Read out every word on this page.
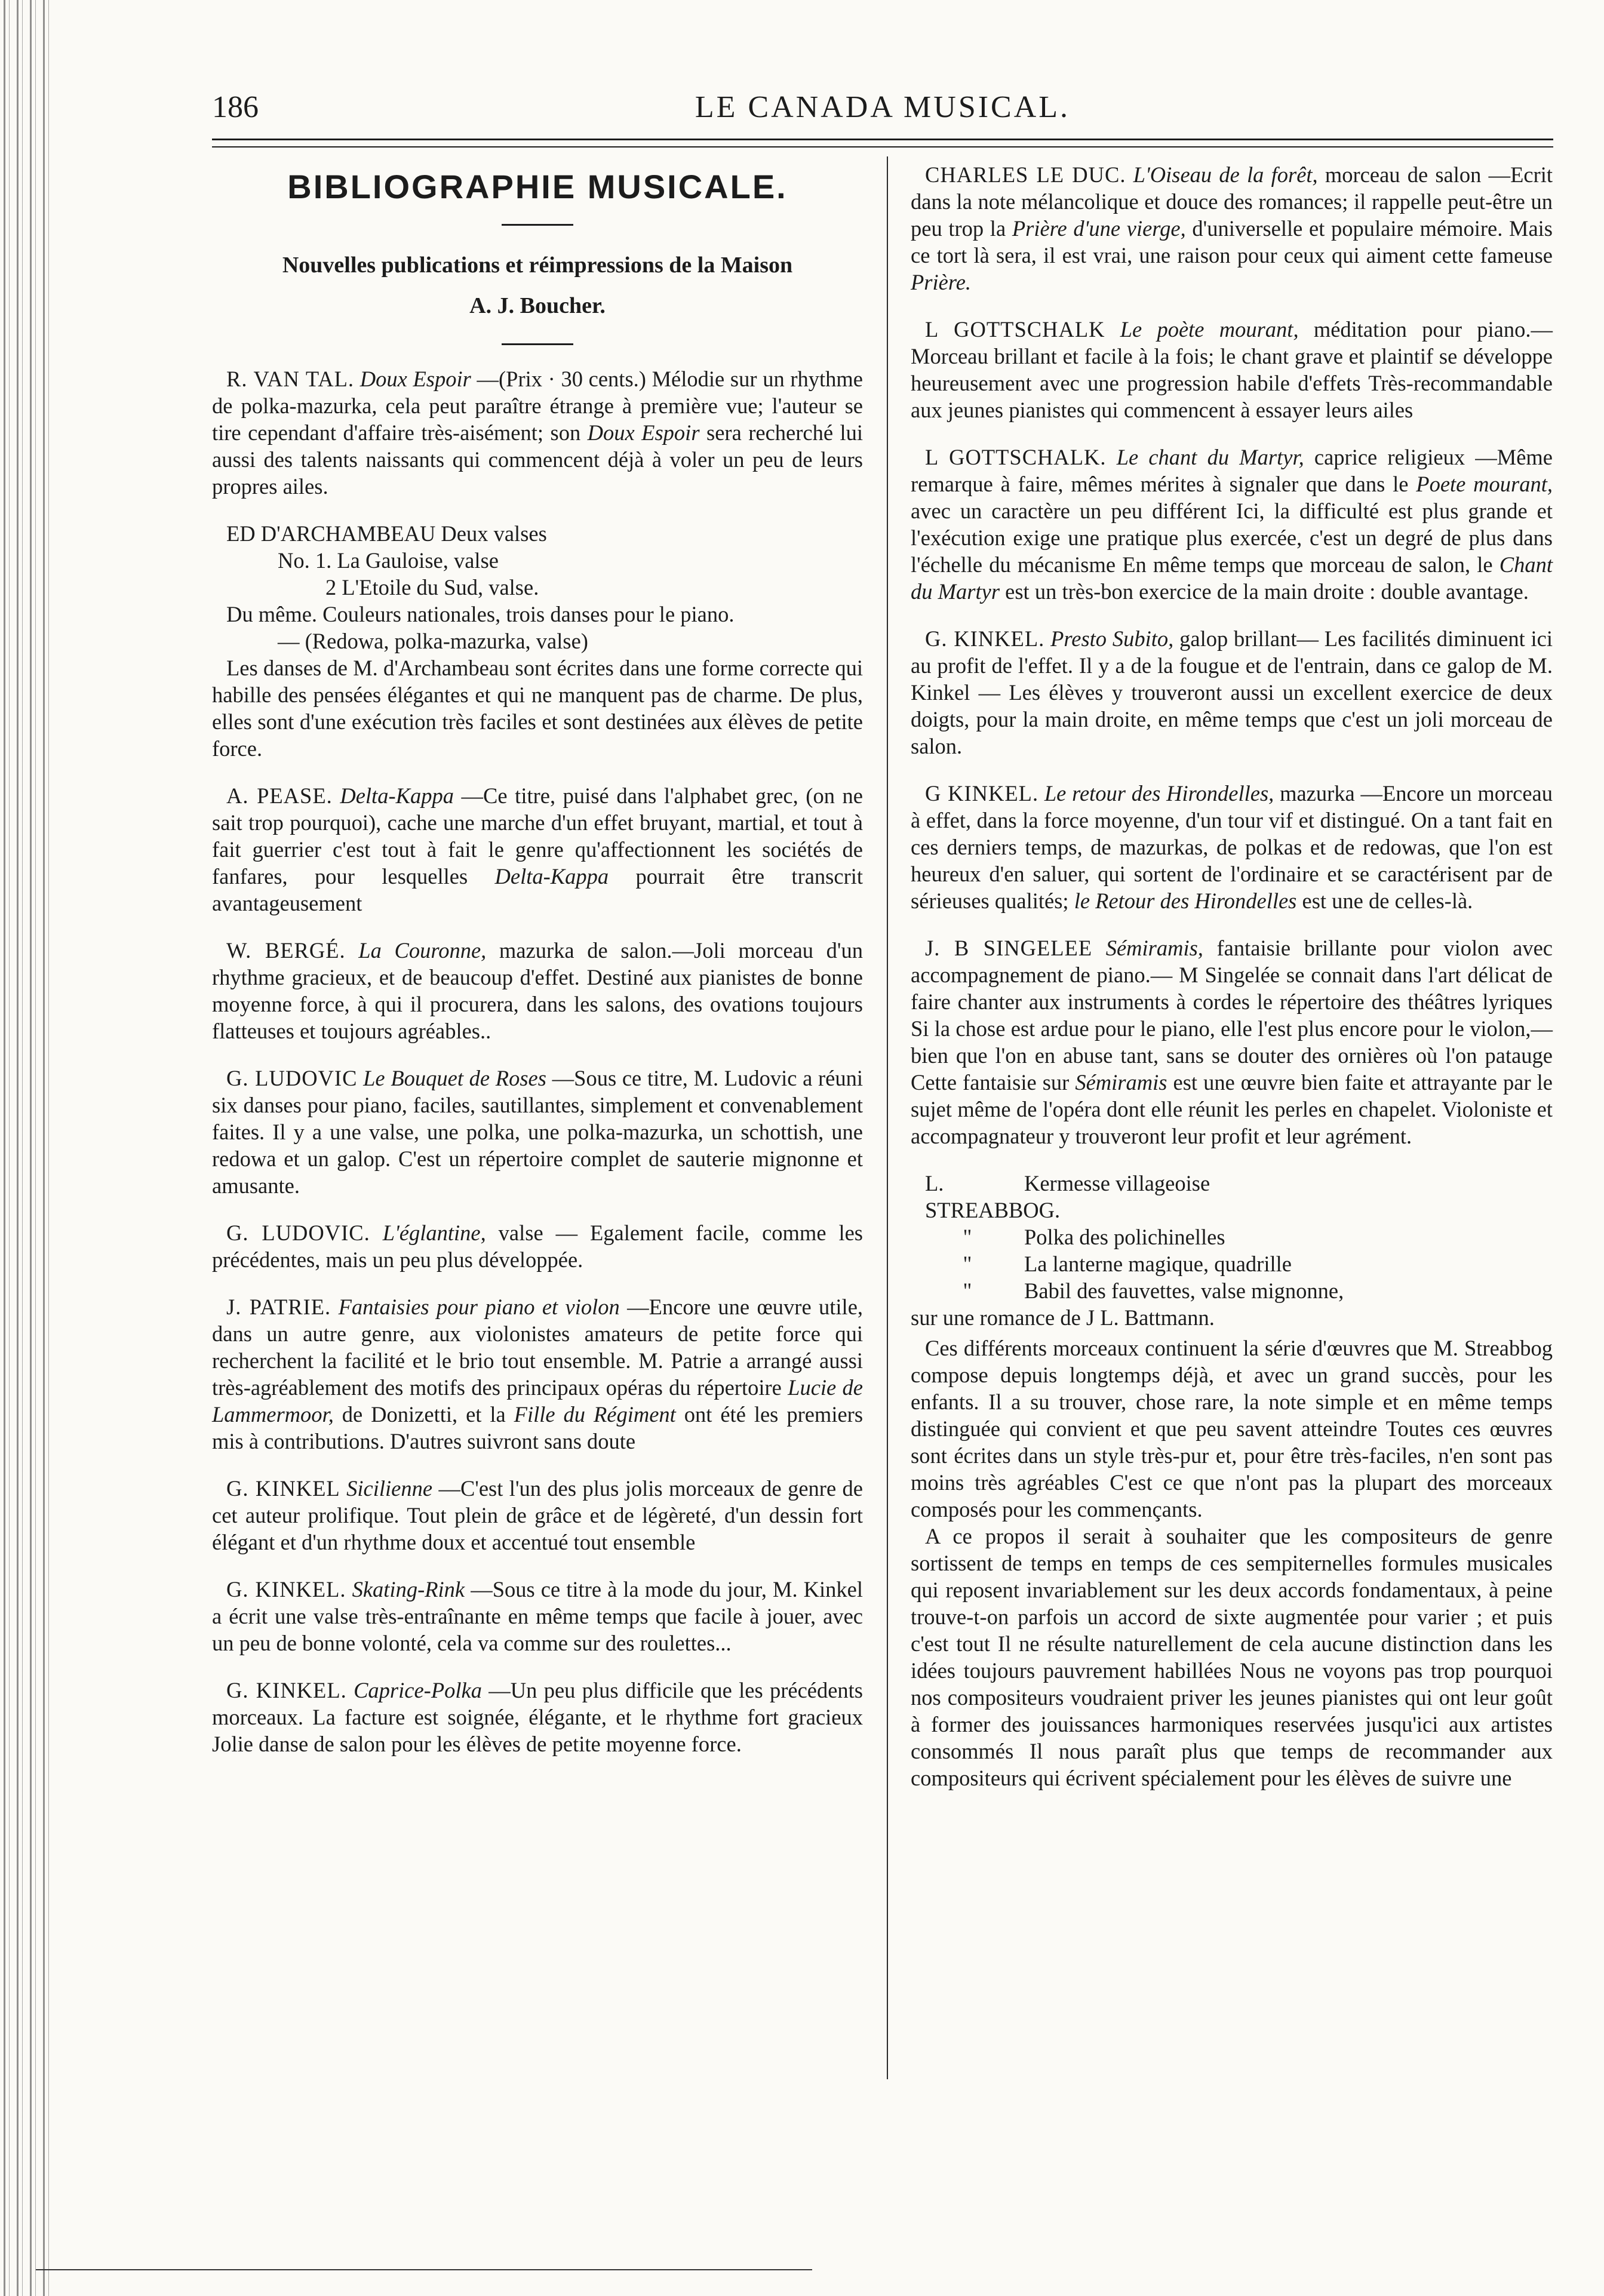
186	LE CANADA MUSICAL.
BIBLIOGRAPHIE MUSICALE.
Nouvelles publications et réimpressions de la Maison
A. J. Boucher.

R. VAN TAL. Doux Espoir —(Prix · 30 cents.) Mélodie sur un rhythme de polka-mazurka, cela peut paraître étrange à première vue; l'auteur se tire cependant d'affaire très-aisément; son Doux Espoir sera recherché lui aussi des talents naissants qui commencent déjà à voler un peu de leurs propres ailes.

ED D'ARCHAMBEAU Deux valses
No. 1. La Gauloise, valse
2 L'Etoile du Sud, valse.
Du même. Couleurs nationales, trois danses pour le piano.
— (Redowa, polka-mazurka, valse)
Les danses de M. d'Archambeau sont écrites dans une forme correcte qui habille des pensées élégantes et qui ne manquent pas de charme. De plus, elles sont d'une exécution très faciles et sont destinées aux élèves de petite force.

A. PEASE. Delta-Kappa —Ce titre, puisé dans l'alphabet grec, (on ne sait trop pourquoi), cache une marche d'un effet bruyant, martial, et tout à fait guerrier c'est tout à fait le genre qu'affectionnent les sociétés de fanfares, pour lesquelles Delta-Kappa pourrait être transcrit avantageusement

W. BERGÉ. La Couronne, mazurka de salon.—Joli morceau d'un rhythme gracieux, et de beaucoup d'effet. Destiné aux pianistes de bonne moyenne force, à qui il procurera, dans les salons, des ovations toujours flatteuses et toujours agréables..

G. LUDOVIC Le Bouquet de Roses —Sous ce titre, M. Ludovic a réuni six danses pour piano, faciles, sautillantes, simplement et convenablement faites. Il y a une valse, une polka, une polka-mazurka, un schottish, une redowa et un galop. C'est un répertoire complet de sauterie mignonne et amusante.

G. LUDOVIC. L'églantine, valse — Egalement facile, comme les précédentes, mais un peu plus développée.

J. PATRIE. Fantaisies pour piano et violon —Encore une œuvre utile, dans un autre genre, aux violonistes amateurs de petite force qui recherchent la facilité et le brio tout ensemble. M. Patrie a arrangé aussi très-agréablement des motifs des principaux opéras du répertoire Lucie de Lammermoor, de Donizetti, et la Fille du Régiment ont été les premiers mis à contributions. D'autres suivront sans doute

G. KINKEL Sicilienne —C'est l'un des plus jolis morceaux de genre de cet auteur prolifique. Tout plein de grâce et de légèreté, d'un dessin fort élégant et d'un rhythme doux et accentué tout ensemble

G. KINKEL. Skating-Rink —Sous ce titre à la mode du jour, M. Kinkel a écrit une valse très-entraînante en même temps que facile à jouer, avec un peu de bonne volonté, cela va comme sur des roulettes...

G. KINKEL. Caprice-Polka —Un peu plus difficile que les précédents morceaux. La facture est soignée, élégante, et le rhythme fort gracieux Jolie danse de salon pour les élèves de petite moyenne force.

CHARLES LE DUC. L'Oiseau de la forêt, morceau de salon —Ecrit dans la note mélancolique et douce des romances; il rappelle peut-être un peu trop la Prière d'une vierge, d'universelle et populaire mémoire. Mais ce tort là sera, il est vrai, une raison pour ceux qui aiment cette fameuse Prière.

L GOTTSCHALK Le poète mourant, méditation pour piano.—Morceau brillant et facile à la fois; le chant grave et plaintif se développe heureusement avec une progression habile d'effets Très-recommandable aux jeunes pianistes qui commencent à essayer leurs ailes

L GOTTSCHALK. Le chant du Martyr, caprice religieux —Même remarque à faire, mêmes mérites à signaler que dans le Poete mourant, avec un caractère un peu différent Ici, la difficulté est plus grande et l'exécution exige une pratique plus exercée, c'est un degré de plus dans l'échelle du mécanisme En même temps que morceau de salon, le Chant du Martyr est un très-bon exercice de la main droite : double avantage.

G. KINKEL. Presto Subito, galop brillant— Les facilités diminuent ici au profit de l'effet. Il y a de la fougue et de l'entrain, dans ce galop de M. Kinkel — Les élèves y trouveront aussi un excellent exercice de deux doigts, pour la main droite, en même temps que c'est un joli morceau de salon.

G KINKEL. Le retour des Hirondelles, mazurka —Encore un morceau à effet, dans la force moyenne, d'un tour vif et distingué. On a tant fait en ces derniers temps, de mazurkas, de polkas et de redowas, que l'on est heureux d'en saluer, qui sortent de l'ordinaire et se caractérisent par de sérieuses qualités; le Retour des Hirondelles est une de celles-là.

J. B SINGELEE Sémiramis, fantaisie brillante pour violon avec accompagnement de piano.— M Singelée se connait dans l'art délicat de faire chanter aux instruments à cordes le répertoire des théâtres lyriques Si la chose est ardue pour le piano, elle l'est plus encore pour le violon,—bien que l'on en abuse tant, sans se douter des ornières où l'on patauge Cette fantaisie sur Sémiramis est une œuvre bien faite et attrayante par le sujet même de l'opéra dont elle réunit les perles en chapelet. Violoniste et accompagnateur y trouveront leur profit et leur agrément.

L. STREABBOG.
Kermesse villageoise
"	Polka des polichinelles
"	La lanterne magique, quadrille
"	Babil des fauvettes, valse mignonne,
sur une romance de J L. Battmann.

Ces différents morceaux continuent la série d'œuvres que M. Streabbog compose depuis longtemps déjà, et avec un grand succès, pour les enfants. Il a su trouver, chose rare, la note simple et en même temps distinguée qui convient et que peu savent atteindre Toutes ces œuvres sont écrites dans un style très-pur et, pour être très-faciles, n'en sont pas moins très agréables C'est ce que n'ont pas la plupart des morceaux composés pour les commençants.

A ce propos il serait à souhaiter que les compositeurs de genre sortissent de temps en temps de ces sempiternelles formules musicales qui reposent invariablement sur les deux accords fondamentaux, à peine trouve-t-on parfois un accord de sixte augmentée pour varier ; et puis c'est tout Il ne résulte naturellement de cela aucune distinction dans les idées toujours pauvrement habillées Nous ne voyons pas trop pourquoi nos compositeurs voudraient priver les jeunes pianistes qui ont leur goût à former des jouissances harmoniques reservées jusqu'ici aux artistes consommés Il nous paraît plus que temps de recommander aux compositeurs qui écrivent spécialement pour les élèves de suivre une
